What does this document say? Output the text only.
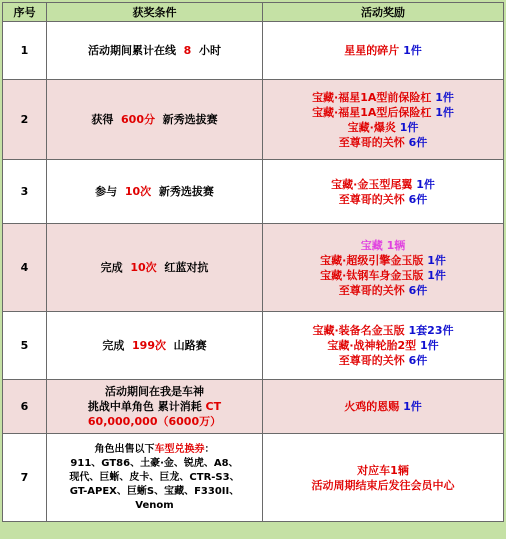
序号	获奖条件	活动奖励
1	活动期间累计在线 8 小时	星星的碎片 1件

2	获得 600分 新秀选拔赛	宝藏·福星1A型前保险杠 1件
宝藏·福星1A型后保险杠 1件
宝藏·爆炎 1件
至尊哥的关怀 6件

3	参与 10次 新秀选拔赛	宝藏·金玉型尾翼 1件
至尊哥的关怀 6件

4	完成 10次 红蓝对抗	宝藏 1辆
宝藏·超级引擎金玉版 1件
宝藏·钛钢车身金玉版 1件
至尊哥的关怀 6件

5	完成 199次 山路赛	宝藏·装备名金玉版 1套23件
宝藏·战神轮胎2型 1件
至尊哥的关怀 6件

6	活动期间在我是车神
挑战中单角色 累计消耗 CT
60,000,000（6000万）	火鸡的恩赐 1件

7	角色出售以下车型兑换券：
911、GT86、土豪·金、锐虎、A8、
现代、巨蜥、皮卡、巨龙、CTR-S3、
GT-APEX、巨蜥S、宝藏、F330II、
Venom	对应车1辆
活动周期结束后发往会员中心
